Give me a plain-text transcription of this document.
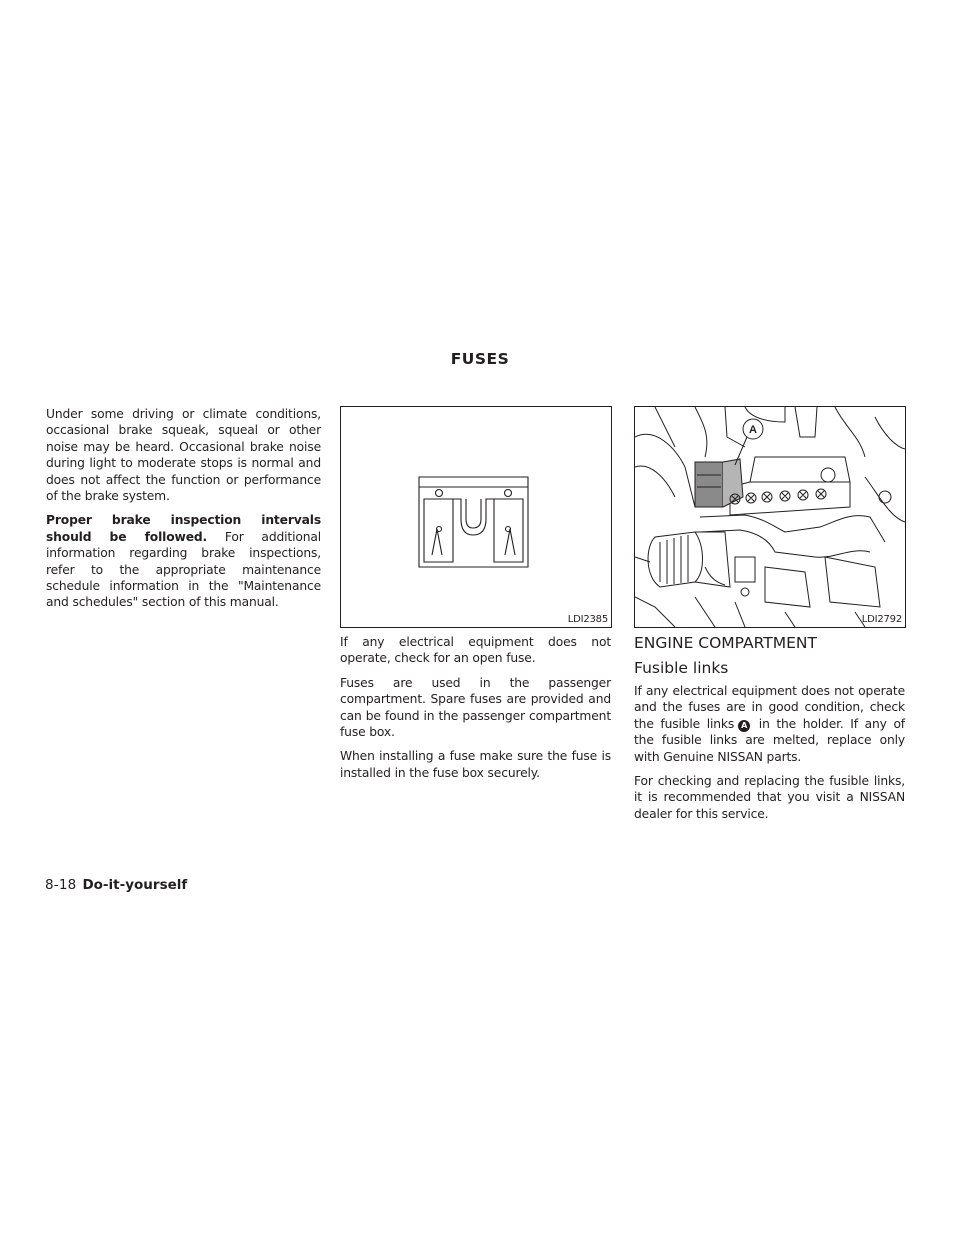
FUSES

Under some driving or climate conditions, occasional brake squeak, squeal or other noise may be heard. Occasional brake noise during light to moderate stops is normal and does not affect the function or performance of the brake system.

Proper brake inspection intervals should be followed. For additional information regarding brake inspections, refer to the appropriate maintenance schedule information in the "Maintenance and schedules" section of this manual.

LDI2385

If any electrical equipment does not operate, check for an open fuse.

Fuses are used in the passenger compartment. Spare fuses are provided and can be found in the passenger compartment fuse box.

When installing a fuse make sure the fuse is installed in the fuse box securely.

A
LDI2792
ENGINE COMPARTMENT
Fusible links

If any electrical equipment does not operate and the fuses are in good condition, check the fusible links A in the holder. If any of the fusible links are melted, replace only with Genuine NISSAN parts.

For checking and replacing the fusible links, it is recommended that you visit a NISSAN dealer for this service.

8-18 Do-it-yourself
